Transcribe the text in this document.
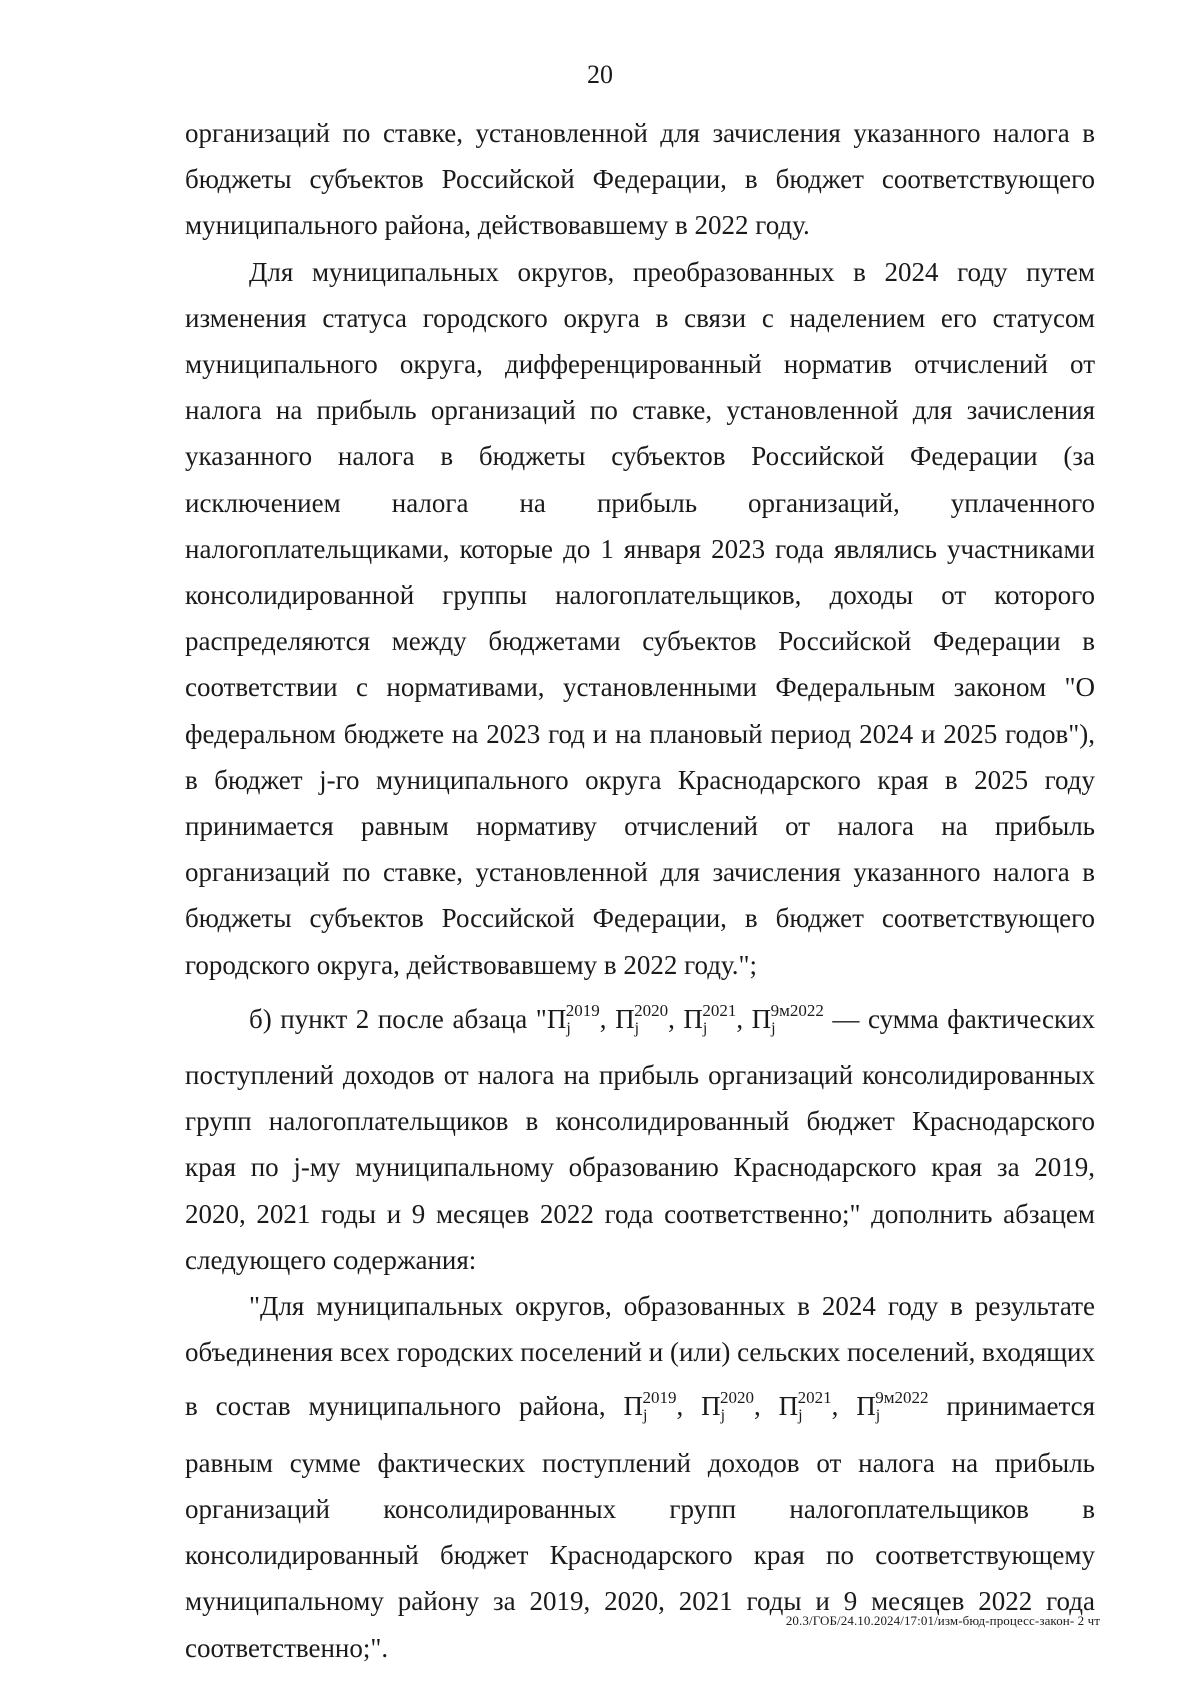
20

организаций по ставке, установленной для зачисления указанного налога в бюджеты субъектов Российской Федерации, в бюджет соответствующего муниципального района, действовавшему в 2022 году.

Для муниципальных округов, преобразованных в 2024 году путем изменения статуса городского округа в связи с наделением его статусом муниципального округа, дифференцированный норматив отчислений от налога на прибыль организаций по ставке, установленной для зачисления указанного налога в бюджеты субъектов Российской Федерации (за исключением налога на прибыль организаций, уплаченного налогоплательщиками, которые до 1 января 2023 года являлись участниками консолидированной группы налогоплательщиков, доходы от которого распределяются между бюджетами субъектов Российской Федерации в соответствии с нормативами, установленными Федеральным законом "О федеральном бюджете на 2023 год и на плановый период 2024 и 2025 годов"), в бюджет j-го муниципального округа Краснодарского края в 2025 году принимается равным нормативу отчислений от налога на прибыль организаций по ставке, установленной для зачисления указанного налога в бюджеты субъектов Российской Федерации, в бюджет соответствующего городского округа, действовавшему в 2022 году.";

б) пункт 2 после абзаца "$П_j^{2019}$, $П_j^{2020}$, $П_j^{2021}$, $П_j^{9м2022}$ — сумма фактических поступлений доходов от налога на прибыль организаций консолидированных групп налогоплательщиков в консолидированный бюджет Краснодарского края по j-му муниципальному образованию Краснодарского края за 2019, 2020, 2021 годы и 9 месяцев 2022 года соответственно;" дополнить абзацем следующего содержания:

"Для муниципальных округов, образованных в 2024 году в результате объединения всех городских поселений и (или) сельских поселений, входящих в состав муниципального района, $П_j^{2019}$, $П_j^{2020}$, $П_j^{2021}$, $П_j^{9м2022}$ принимается равным сумме фактических поступлений доходов от налога на прибыль организаций консолидированных групп налогоплательщиков в консолидированный бюджет Краснодарского края по соответствующему муниципальному району за 2019, 2020, 2021 годы и 9 месяцев 2022 года соответственно;".

20.3/ГОБ/24.10.2024/17:01/изм-бюд-процесс-закон- 2 чт
